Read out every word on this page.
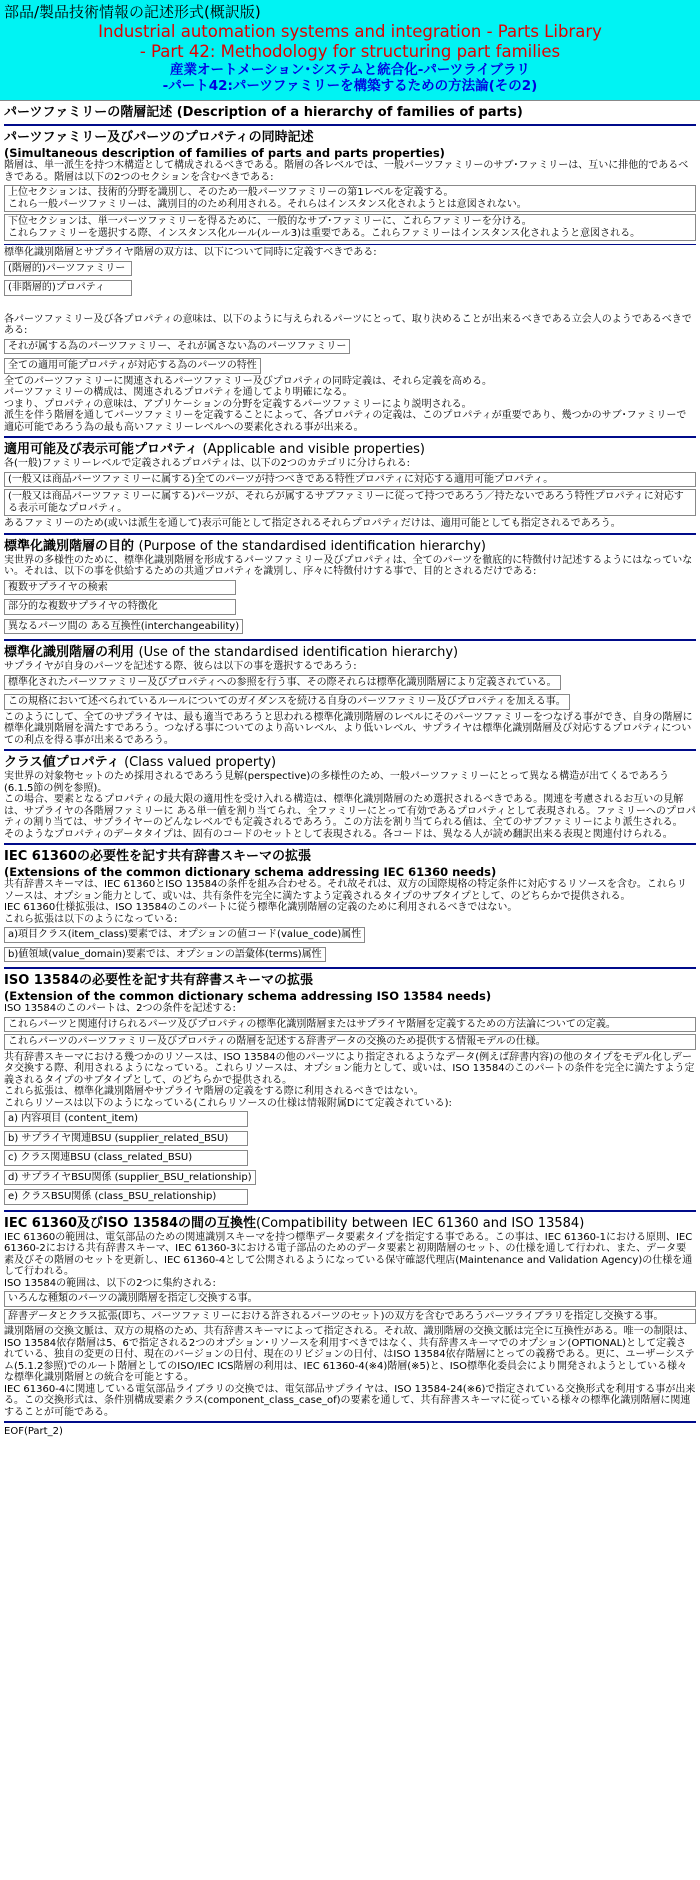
部品/製品技術情報の記述形式(概訳版)
Industrial automation systems and integration - Parts Library
- Part 42: Methodology for structuring part families
産業オートメーション･システムと統合化-パーツライブラリ
-パート42:パーツファミリーを構築するための方法論(その2)
パーツファミリーの階層記述 (Description of a hierarchy of families of parts)
パーツファミリー及びパーツのプロパティの同時記述
(Simultaneous description of families of parts and parts properties)

階層は、単一派生を持つ木構造として構成されるべきである。階層の各レベルでは、一般パーツファミリーのサブ･ファミリーは、互いに排他的であるべきである。階層は以下の2つのセクションを含むべきである:

上位セクションは、技術的分野を識別し、そのため一般パーツファミリーの第1レベルを定義する。
これら一般パーツファミリーは、識別目的のため利用される。それらはインスタンス化されようとは意図されない。
下位セクションは、単一パーツファミリーを得るために、一般的なサブ･ファミリーに、これらファミリーを分ける。
これらファミリーを選択する際、インスタンス化ルール(ルール3)は重要である。これらファミリーはインスタンス化されようと意図される。

標準化識別階層とサプライヤ階層の双方は、以下について同時に定義すべきである:

(階層的)パーツファミリー
(非階層的)プロパティ

各パーツファミリー及び各プロパティの意味は、以下のように与えられるパーツにとって、取り決めることが出来るべきである立会人のようであるべきである:

それが属する為のパーツファミリー、それが属さない為のパーツファミリー
全ての適用可能プロパティが対応する為のパーツの特性

全てのパーツファミリーに関連されるパーツファミリー及びプロパティの同時定義は、それら定義を高める。
パーツファミリーの構成は、関連されるプロパティを通してより明確になる。
つまり、プロパティの意味は、アプリケーションの分野を定義するパーツファミリーにより説明される。
派生を伴う階層を通してパーツファミリーを定義することによって、各プロパティの定義は、このプロパティが重要であり、幾つかのサブ･ファミリーで適応可能であろう為の最も高いファミリーレベルへの要素化される事が出来る。

適用可能及び表示可能プロパティ (Applicable and visible properties)

各(一般)ファミリーレベルで定義されるプロパティは、以下の2つのカテゴリに分けられる:

(一般又は商品パーツファミリーに属する)全てのパーツが持つべきである特性プロパティに対応する適用可能プロパティ。
(一般又は商品パーツファミリーに属する)パーツが、それらが属するサブファミリーに従って持つであろう／持たないであろう特性プロパティに対応する表示可能なプロパティ。

あるファミリーのため(或いは派生を通して)表示可能として指定されるそれらプロパティだけは、適用可能としても指定されるであろう。

標準化識別階層の目的 (Purpose of the standardised identification hierarchy)

実世界の多様性のために、標準化識別階層を形成するパーツファミリー及びプロパティは、全てのパーツを徹底的に特徴付け記述するようにはなっていない。それは、以下の事を供給するための共通プロパティを識別し、序々に特徴付けする事で、目的とされるだけである:

複数サプライヤの検索
部分的な複数サプライヤの特徴化
異なるパーツ間の ある互換性(interchangeability)
標準化識別階層の利用 (Use of the standardised identification hierarchy)

サプライヤが自身のパーツを記述する際、彼らは以下の事を選択するであろう:

標準化されたパーツファミリー及びプロパティへの参照を行う事、その際それらは標準化識別階層により定義されている。
この規格において述べられているルールについてのガイダンスを続ける自身のパーツファミリー及びプロパティを加える事。

このようにして、全てのサプライヤは、最も適当であろうと思われる標準化識別階層のレベルにそのパーツファミリーをつなげる事ができ、自身の階層に標準化識別階層を満たすであろう。つなげる事についてのより高いレベル、より低いレベル、サプライヤは標準化識別階層及び対応するプロパティについての利点を得る事が出来るであろう。

クラス値プロパティ (Class valued property)

実世界の対象物セットのため採用されるであろう見解(perspective)の多様性のため、一般パーツファミリーにとって異なる構造が出てくるであろう(6.1.5節の例を参照)。
この場合、要素となるプロパティの最大限の適用性を受け入れる構造は、標準化識別階層のため選択されるべきである。関連を考慮されるお互いの見解は、サプライヤの各階層ファミリーに ある単一値を割り当てられ、全ファミリーにとって有効であるプロパティとして表現される。ファミリーへのプロパティの割り当ては、サプライヤーのどんなレベルでも定義されるであろう。この方法を割り当てられる値は、全てのサブファミリーにより派生される。
そのようなプロパティのデータタイプは、固有のコードのセットとして表現される。各コードは、異なる人が読め翻訳出来る表現と関連付けられる。

IEC 61360の必要性を記す共有辞書スキーマの拡張
(Extensions of the common dictionary schema addressing IEC 61360 needs)

共有辞書スキーマは、IEC 61360とISO 13584の条件を組み合わせる。それ故それは、双方の国際規格の特定条件に対応するリソースを含む。これらリソースは、オプション能力として、或いは、共有条件を完全に満たすよう定義されるタイプのサブタイプとして、のどちらかで提供される。
IEC 61360仕様拡張は、ISO 13584のこのパートに従う標準化識別階層の定義のために利用されるべきではない。
これら拡張は以下のようになっている:

a)項目クラス(item_class)要素では、オプションの値コード(value_code)属性
b)値領域(value_domain)要素では、オプションの語彙体(terms)属性
ISO 13584の必要性を記す共有辞書スキーマの拡張
(Extension of the common dictionary schema addressing ISO 13584 needs)

ISO 13584のこのパートは、2つの条件を記述する:

これらパーツと関連付けられるパーツ及びプロパティの標準化識別階層またはサプライヤ階層を定義するための方法論についての定義。
これらパーツのパーツファミリー及びプロパティの階層を記述する辞書データの交換のため提供する情報モデルの仕様。

共有辞書スキーマにおける幾つかのリソースは、ISO 13584の他のパーツにより指定されるようなデータ(例えば辞書内容)の他のタイプをモデル化しデータ交換する際、利用されるようになっている。これらリソースは、オプション能力として、或いは、ISO 13584のこのパートの条件を完全に満たすよう定義されるタイプのサブタイプとして、のどちらかで提供される。
これら拡張は、標準化識別階層やサプライヤ階層の定義をする際に利用されるべきではない。
これらリソースは以下のようになっている(これらリソースの仕様は情報附属Dにて定義されている):

a) 内容項目 (content_item)
b) サプライヤ関連BSU (supplier_related_BSU)
c) クラス関連BSU (class_related_BSU)
d) サプライヤBSU関係 (supplier_BSU_relationship)
e) クラスBSU関係 (class_BSU_relationship)
IEC 61360及びISO 13584の間の互換性(Compatibility between IEC 61360 and ISO 13584)

IEC 61360の範囲は、電気部品のための関連識別スキーマを持つ標準データ要素タイプを指定する事である。この事は、IEC 61360-1における原則、IEC 61360-2における共有辞書スキーマ、IEC 61360-3における電子部品のためのデータ要素と初期階層のセット、の仕様を通して行われ、また、データ要素及びその階層のセットを更新し、IEC 61360-4として公開されるようになっている保守確認代理店(Maintenance and Validation Agency)の仕様を通して行われる。
ISO 13584の範囲は、以下の2つに集約される:

いろんな種類のパーツの識別階層を指定し交換する事。
辞書データとクラス拡張(即ち、パーツファミリーにおける許されるパーツのセット)の双方を含むであろうパーツライブラリを指定し交換する事。

識別階層の交換文脈は、双方の規格のため、共有辞書スキーマによって指定される。それ故、識別階層の交換文脈は完全に互換性がある。唯一の制限は、ISO 13584依存階層は5、6で指定される2つのオプション･リソースを利用すべきではなく、共有辞書スキーマでのオプション(OPTIONAL)として定義されている、独自の変更の日付、現在のバージョンの日付、現在のリビジョンの日付、はISO 13584依存階層にとっての義務である。更に、ユーザーシステム(5.1.2参照)でのルート階層としてのISO/IEC ICS階層の利用は、IEC 61360-4(※4)階層(※5)と、ISO標準化委員会により開発されようとしている様々な標準化識別階層との統合を可能とする。
IEC 61360-4に関連している電気部品ライブラリの交換では、電気部品サプライヤは、ISO 13584-24(※6)で指定されている交換形式を利用する事が出来る。この交換形式は、条件別構成要素クラス(component_class_case_of)の要素を通して、共有辞書スキーマに従っている様々の標準化識別階層に関連することが可能である。

EOF(Part_2)
